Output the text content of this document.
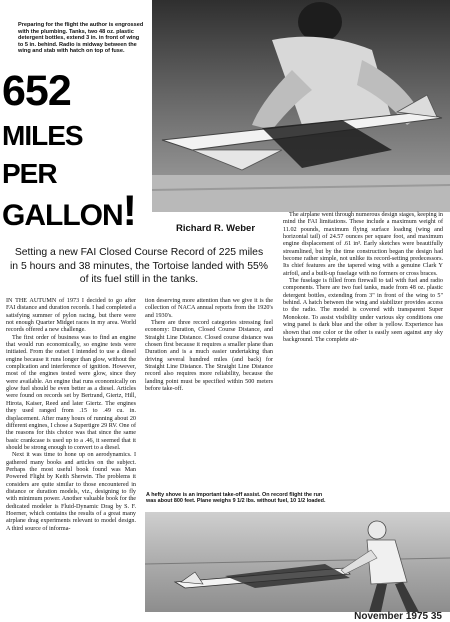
Preparing for the flight the author is engrossed with the plumbing. Tanks, two 48 oz. plastic detergent bottles, extend 3 in. in front of wing to 5 in. behind. Radio is midway between the wing and stab with hatch on top of fuse.
652
miles
per
gallon!	Richard R. Weber
Setting a new FAI Closed Course Record of 225 miles in 5 hours and 38 minutes, the Tortoise landed with 55% of its fuel still in the tanks.

IN THE AUTUMN of 1973 I decided to go after FAI distance and duration records. I had completed a satisfying summer of pylon racing, but there were not enough Quarter Midget races in my area. World records offered a new challenge.

The first order of business was to find an engine that would run economically, so engine tests were initiated. From the outset I intended to use a diesel engine because it runs longer than glow, without the complication and interference of ignition. However, most of the engines tested were glow, since they were available. An engine that runs economically on glow fuel should be even better as a diesel. Articles were found on records set by Bertrand, Giertz, Hill, Hirota, Kaiser, Reed and later Giertz. The engines they used ranged from .15 to .49 cu. in. displacement. After many hours of running about 20 different engines, I chose a Supertigre 29 RV. One of the reasons for this choice was that since the same basic crankcase is used up to a .46, it seemed that it should be strong enough to convert to a diesel.

Next it was time to hone up on aerodynamics. I gathered many books and articles on the subject. Perhaps the most useful book found was Man Powered Flight by Keith Sherwin. The problems it considers are quite similar to those encountered in distance or duration models, viz., designing to fly with minimum power. Another valuable book for the dedicated modeler is Fluid-Dynamic Drag by S. F. Hoerner, which contains the results of a great many airplane drag experiments relevant to model design. A third source of informa-

tion deserving more attention than we give it is the collection of NACA annual reports from the 1920's and 1930's.

There are three record categories stressing fuel economy: Duration, Closed Course Distance, and Straight Line Distance. Closed course distance was chosen first because it requires a smaller plane than Duration and is a much easier undertaking than driving several hundred miles (and back) for Straight Line Distance. The Straight Line Distance record also requires more reliability, because the landing point must be specified within 500 meters before take-off.

The airplane went through numerous design stages, keeping in mind the FAI limitations. These include a maximum weight of 11.02 pounds, maximum flying surface loading (wing and horizontal tail) of 24.57 ounces per square foot, and maximum engine displacement of .61 in³. Early sketches were beautifully streamlined, but by the time construction began the design had become rather simple, not unlike its record-setting predecessors. Its chief features are the tapered wing with a genuine Clark Y airfoil, and a built-up fuselage with no formers or cross braces.

The fuselage is filled from firewall to tail with fuel and radio components. There are two fuel tanks, made from 48 oz. plastic detergent bottles, extending from 3" in front of the wing to 5" behind. A hatch between the wing and stabilizer provides access to the radio. The model is covered with transparent Super Monokote. To assist visibility under various sky conditions one wing panel is dark blue and the other is yellow. Experience has shown that one color or the other is easily seen against any sky background. The complete air-

A hefty shove is an important take-off assist. On record flight the run was about 800 feet. Plane weighs 9 1/2 lbs. without fuel, 10 1/2 loaded.
November 1975 35
